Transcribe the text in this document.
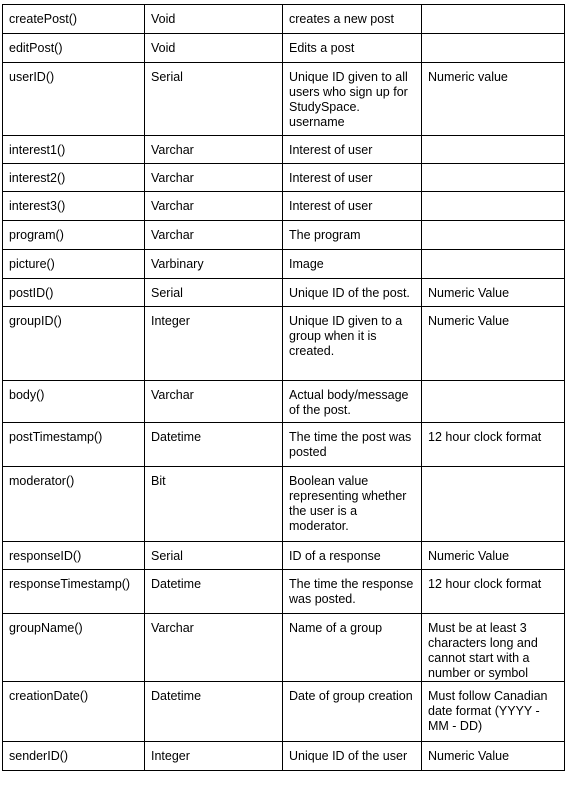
createPost()	Void	creates a new post	
editPost()	Void	Edits a post	
userID()	Serial	Unique ID given to all users who sign up for StudySpace. username	Numeric value
interest1()	Varchar	Interest of user	
interest2()	Varchar	Interest of user	
interest3()	Varchar	Interest of user	
program()	Varchar	The program	
picture()	Varbinary	Image	
postID()	Serial	Unique ID of the post.	Numeric Value
groupID()	Integer	Unique ID given to a group when it is created.	Numeric Value
body()	Varchar	Actual body/message of the post.	
postTimestamp()	Datetime	The time the post was posted	12 hour clock format
moderator()	Bit	Boolean value representing whether the user is a moderator.	
responseID()	Serial	ID of a response	Numeric Value
responseTimestamp()	Datetime	The time the response was posted.	12 hour clock format
groupName()	Varchar	Name of a group	Must be at least 3 characters long and cannot start with a number or symbol
creationDate()	Datetime	Date of group creation	Must follow Canadian date format (YYYY - MM - DD)
senderID()	Integer	Unique ID of the user	Numeric Value
